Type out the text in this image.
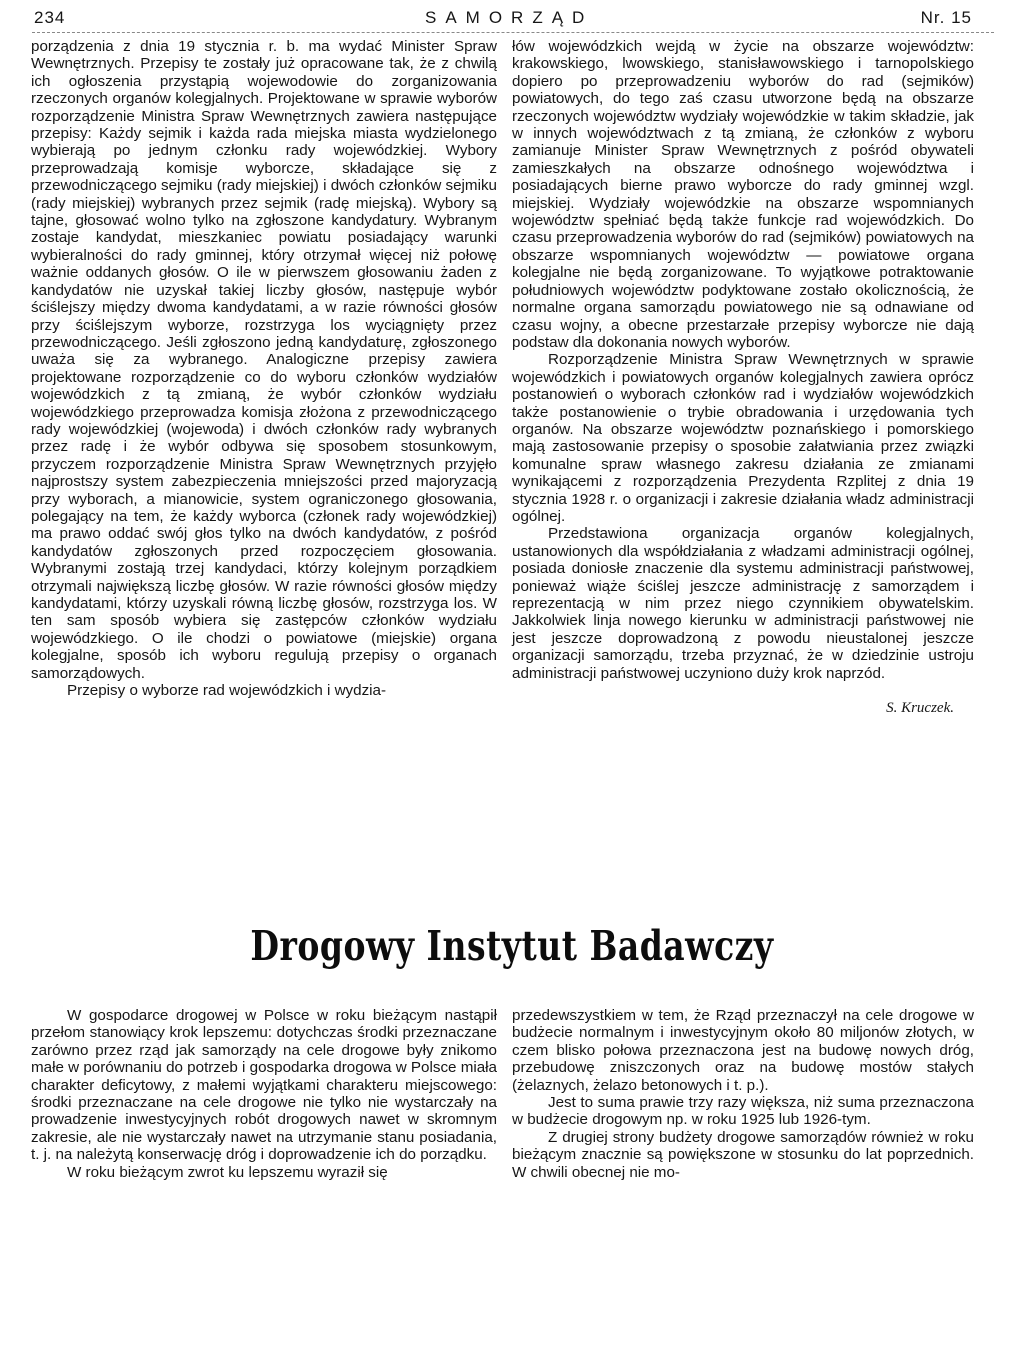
234	SAMORZĄD	Nr. 15

porządzenia z dnia 19 stycznia r. b. ma wydać Minister Spraw Wewnętrznych. Przepisy te zostały już opracowane tak, że z chwilą ich ogłoszenia przystąpią wojewodowie do zorganizowania rzeczonych organów kolegjalnych. Projektowane w sprawie wyborów rozporządzenie Ministra Spraw Wewnętrznych zawiera następujące przepisy: Każdy sejmik i każda rada miejska miasta wydzielonego wybierają po jednym członku rady wojewódzkiej. Wybory przeprowadzają komisje wyborcze, składające się z przewodniczącego sejmiku (rady miejskiej) i dwóch członków sejmiku (rady miejskiej) wybranych przez sejmik (radę miejską). Wybory są tajne, głosować wolno tylko na zgłoszone kandydatury. Wybranym zostaje kandydat, mieszkaniec powiatu posiadający warunki wybieralności do rady gminnej, który otrzymał więcej niż połowę ważnie oddanych głosów. O ile w pierwszem głosowaniu żaden z kandydatów nie uzyskał takiej liczby głosów, następuje wybór ściślejszy między dwoma kandydatami, a w razie równości głosów przy ściślejszym wyborze, rozstrzyga los wyciągnięty przez przewodniczącego. Jeśli zgłoszono jedną kandydaturę, zgłoszonego uważa się za wybranego. Analogiczne przepisy zawiera projektowane rozporządzenie co do wyboru członków wydziałów wojewódzkich z tą zmianą, że wybór członków wydziału wojewódzkiego przeprowadza komisja złożona z przewodniczącego rady wojewódzkiej (wojewoda) i dwóch członków rady wybranych przez radę i że wybór odbywa się sposobem stosunkowym, przyczem rozporządzenie Ministra Spraw Wewnętrznych przyjęło najprostszy system zabezpieczenia mniejszości przed majoryzacją przy wyborach, a mianowicie, system ograniczonego głosowania, polegający na tem, że każdy wyborca (członek rady wojewódzkiej) ma prawo oddać swój głos tylko na dwóch kandydatów, z pośród kandydatów zgłoszonych przed rozpoczęciem głosowania. Wybranymi zostają trzej kandydaci, którzy kolejnym porządkiem otrzymali największą liczbę głosów. W razie równości głosów między kandydatami, którzy uzyskali równą liczbę głosów, rozstrzyga los. W ten sam sposób wybiera się zastępców członków wydziału wojewódzkiego. O ile chodzi o powiatowe (miejskie) organa kolegjalne, sposób ich wyboru regulują przepisy o organach samorządowych.

Przepisy o wyborze rad wojewódzkich i wydzia-

łów wojewódzkich wejdą w życie na obszarze województw: krakowskiego, lwowskiego, stanisławowskiego i tarnopolskiego dopiero po przeprowadzeniu wyborów do rad (sejmików) powiatowych, do tego zaś czasu utworzone będą na obszarze rzeczonych województw wydziały wojewódzkie w takim składzie, jak w innych województwach z tą zmianą, że członków z wyboru zamianuje Minister Spraw Wewnętrznych z pośród obywateli zamieszkałych na obszarze odnośnego województwa i posiadających bierne prawo wyborcze do rady gminnej wzgl. miejskiej. Wydziały wojewódzkie na obszarze wspomnianych województw spełniać będą także funkcje rad wojewódzkich. Do czasu przeprowadzenia wyborów do rad (sejmików) powiatowych na obszarze wspomnianych województw — powiatowe organa kolegjalne nie będą zorganizowane. To wyjątkowe potraktowanie południowych województw podyktowane zostało okolicznością, że normalne organa samorządu powiatowego nie są odnawiane od czasu wojny, a obecne przestarzałe przepisy wyborcze nie dają podstaw dla dokonania nowych wyborów.

Rozporządzenie Ministra Spraw Wewnętrznych w sprawie wojewódzkich i powiatowych organów kolegjalnych zawiera oprócz postanowień o wyborach członków rad i wydziałów wojewódzkich także postanowienie o trybie obradowania i urzędowania tych organów. Na obszarze województw poznańskiego i pomorskiego mają zastosowanie przepisy o sposobie załatwiania przez związki komunalne spraw własnego zakresu działania ze zmianami wynikającemi z rozporządzenia Prezydenta Rzplitej z dnia 19 stycznia 1928 r. o organizacji i zakresie działania władz administracji ogólnej.

Przedstawiona organizacja organów kolegjalnych, ustanowionych dla współdziałania z władzami administracji ogólnej, posiada doniosłe znaczenie dla systemu administracji państwowej, ponieważ wiąże ściślej jeszcze administrację z samorządem i reprezentacją w nim przez niego czynnikiem obywatelskim. Jakkolwiek linja nowego kierunku w administracji państwowej nie jest jeszcze doprowadzoną z powodu nieustalonej jeszcze organizacji samorządu, trzeba przyznać, że w dziedzinie ustroju administracji państwowej uczyniono duży krok naprzód.

S. Kruczek.

Drogowy Instytut Badawczy

W gospodarce drogowej w Polsce w roku bieżącym nastąpił przełom stanowiący krok lepszemu: dotychczas środki przeznaczane zarówno przez rząd jak samorządy na cele drogowe były znikomo małe w porównaniu do potrzeb i gospodarka drogowa w Polsce miała charakter deficytowy, z małemi wyjątkami charakteru miejscowego: środki przeznaczane na cele drogowe nie tylko nie wystarczały na prowadzenie inwestycyjnych robót drogowych nawet w skromnym zakresie, ale nie wystarczały nawet na utrzymanie stanu posiadania, t. j. na należytą konserwację dróg i doprowadzenie ich do porządku.

W roku bieżącym zwrot ku lepszemu wyraził się

przedewszystkiem w tem, że Rząd przeznaczył na cele drogowe w budżecie normalnym i inwestycyjnym około 80 miljonów złotych, w czem blisko połowa przeznaczona jest na budowę nowych dróg, przebudowę zniszczonych oraz na budowę mostów stałych (żelaznych, żelazo betonowych i t. p.).

Jest to suma prawie trzy razy większa, niż suma przeznaczona w budżecie drogowym np. w roku 1925 lub 1926-tym.

Z drugiej strony budżety drogowe samorządów również w roku bieżącym znacznie są powiększone w stosunku do lat poprzednich. W chwili obecnej nie mo-
